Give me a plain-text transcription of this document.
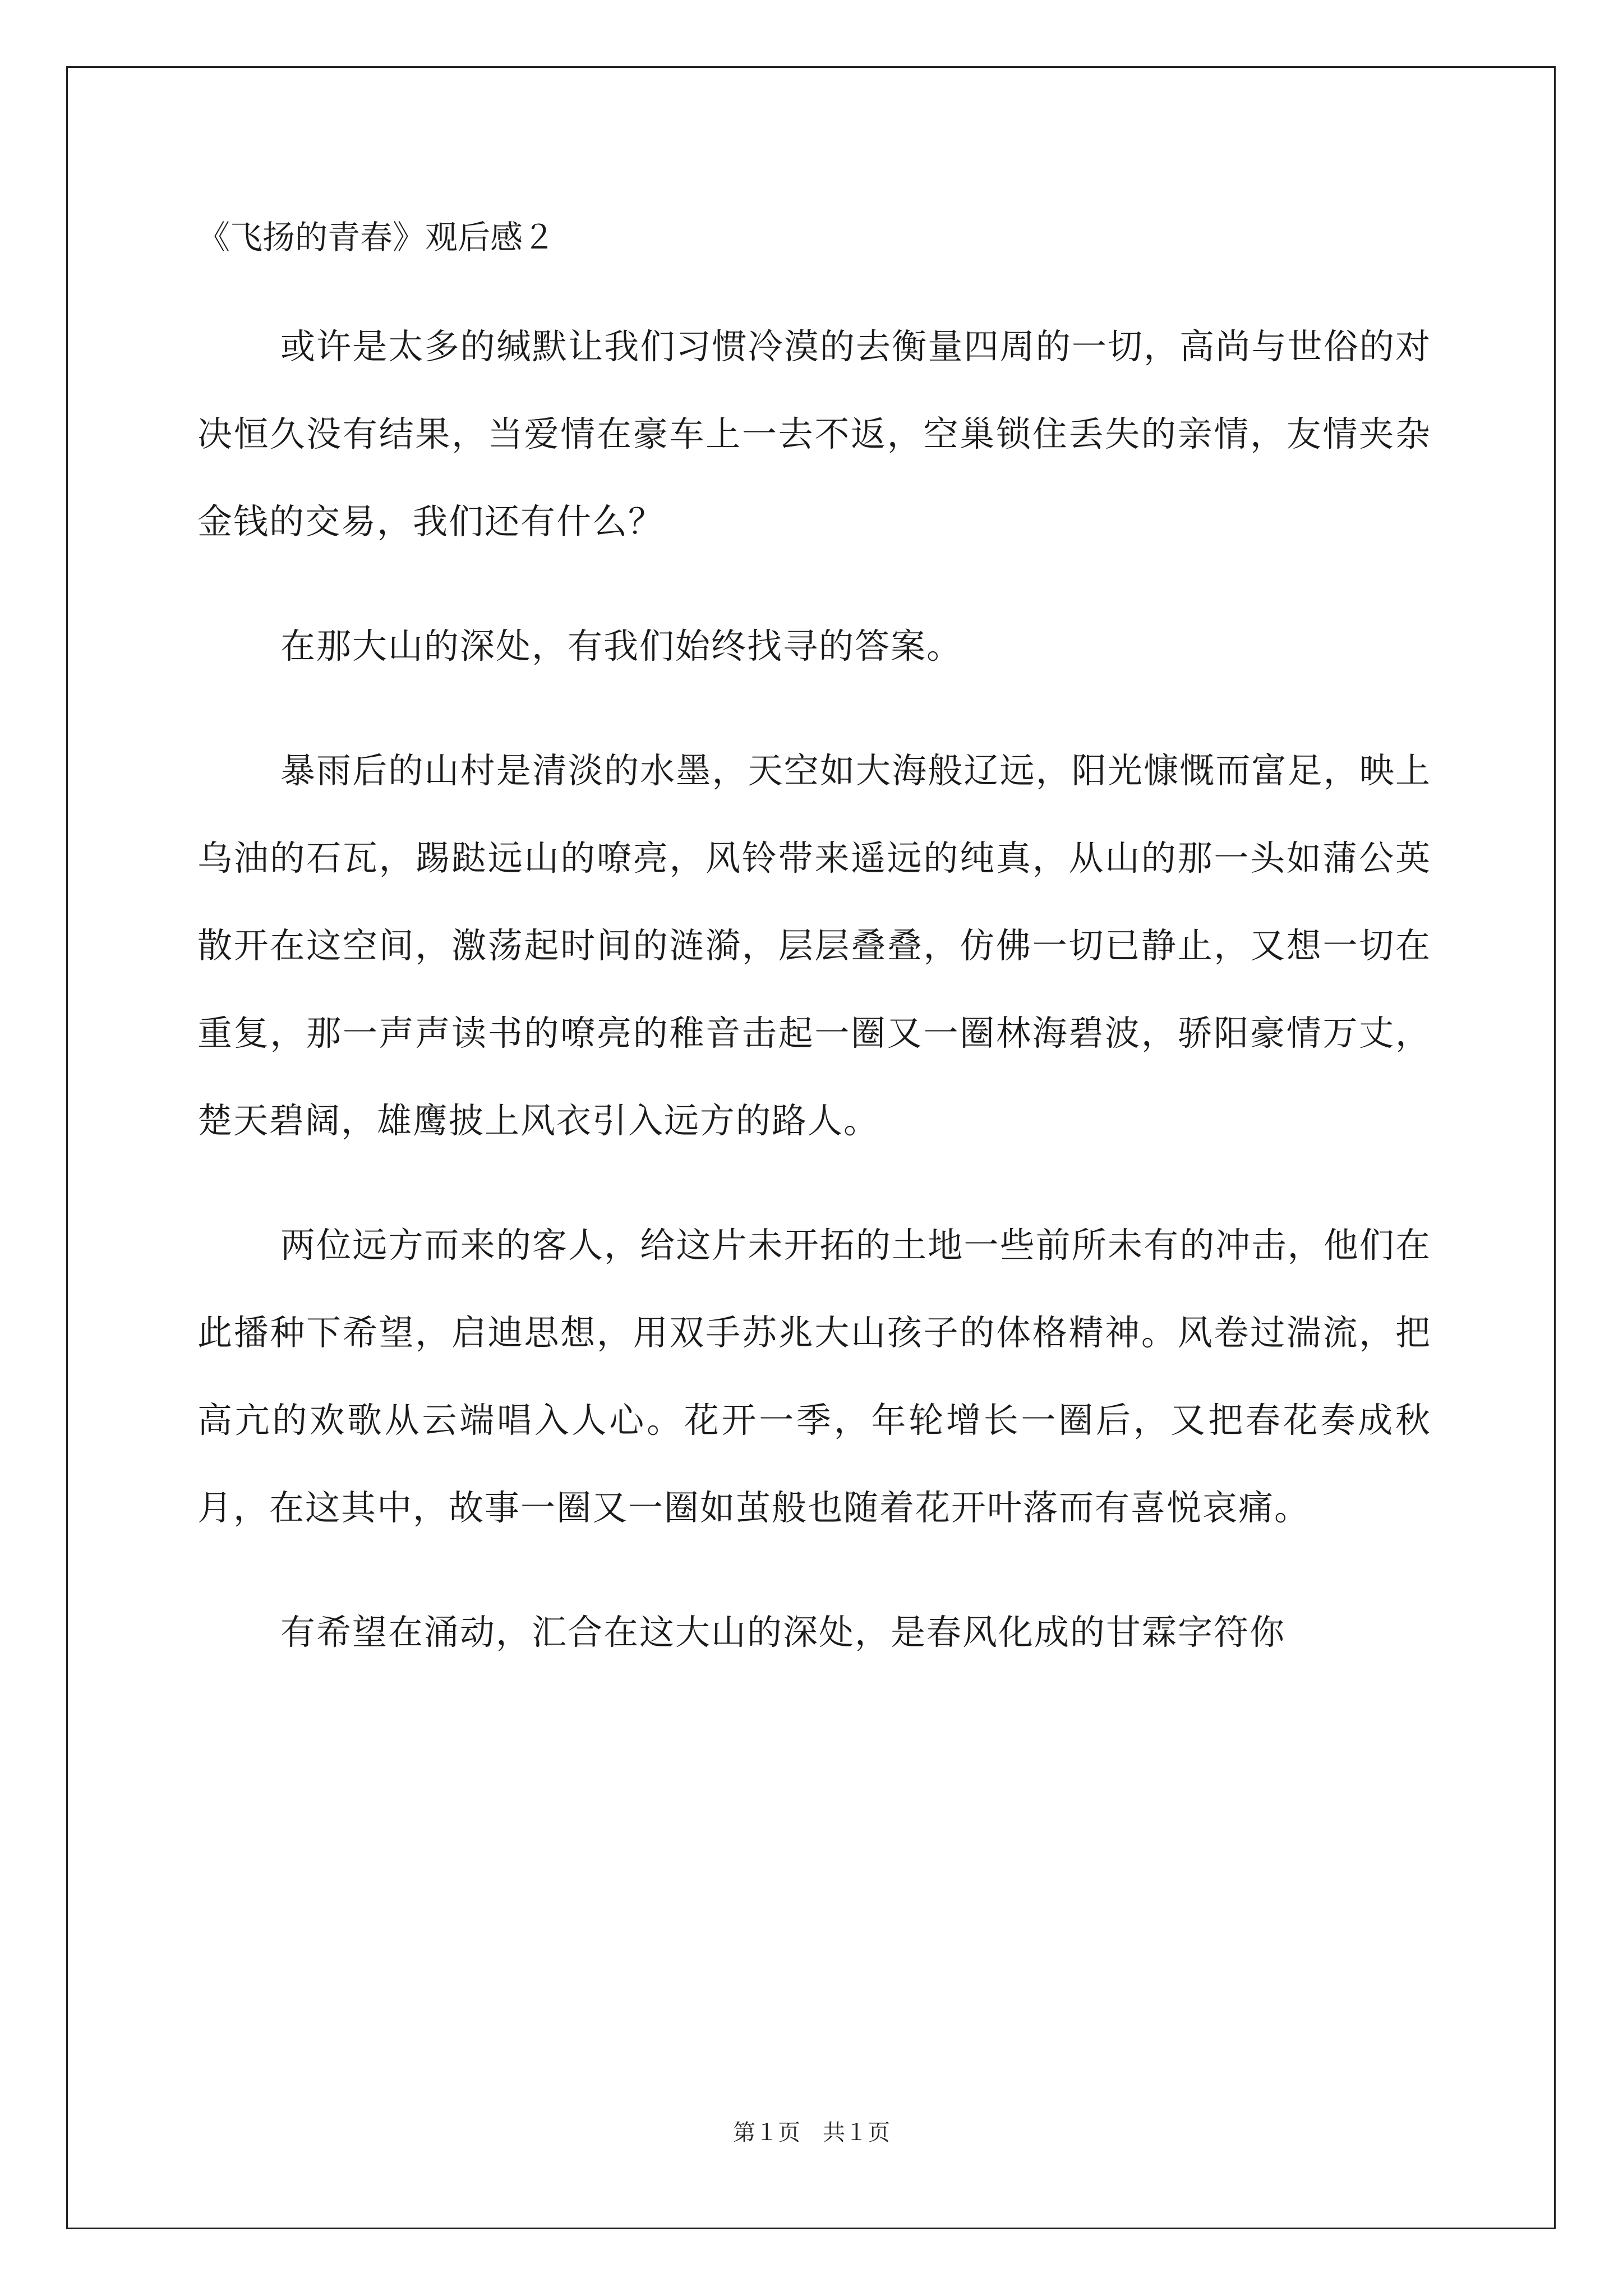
《飞扬的青春》观后感２

或许是太多的缄默让我们习惯冷漠的去衡量四周的一切，高尚与世俗的对决恒久没有结果，当爱情在豪车上一去不返，空巢锁住丢失的亲情，友情夹杂金钱的交易，我们还有什么？

在那大山的深处，有我们始终找寻的答案。

暴雨后的山村是清淡的水墨，天空如大海般辽远，阳光慷慨而富足，映上乌油的石瓦，踢跶远山的嘹亮，风铃带来遥远的纯真，从山的那一头如蒲公英散开在这空间，激荡起时间的涟漪，层层叠叠，仿佛一切已静止，又想一切在重复，那一声声读书的嘹亮的稚音击起一圈又一圈林海碧波，骄阳豪情万丈，楚天碧阔，雄鹰披上风衣引入远方的路人。

两位远方而来的客人，给这片未开拓的土地一些前所未有的冲击，他们在此播种下希望，启迪思想，用双手苏兆大山孩子的体格精神。风卷过湍流，把高亢的欢歌从云端唱入人心。花开一季，年轮增长一圈后，又把春花奏成秋月，在这其中，故事一圈又一圈如茧般也随着花开叶落而有喜悦哀痛。

有希望在涌动，汇合在这大山的深处，是春风化成的甘霖字符你

第１页　共１页
